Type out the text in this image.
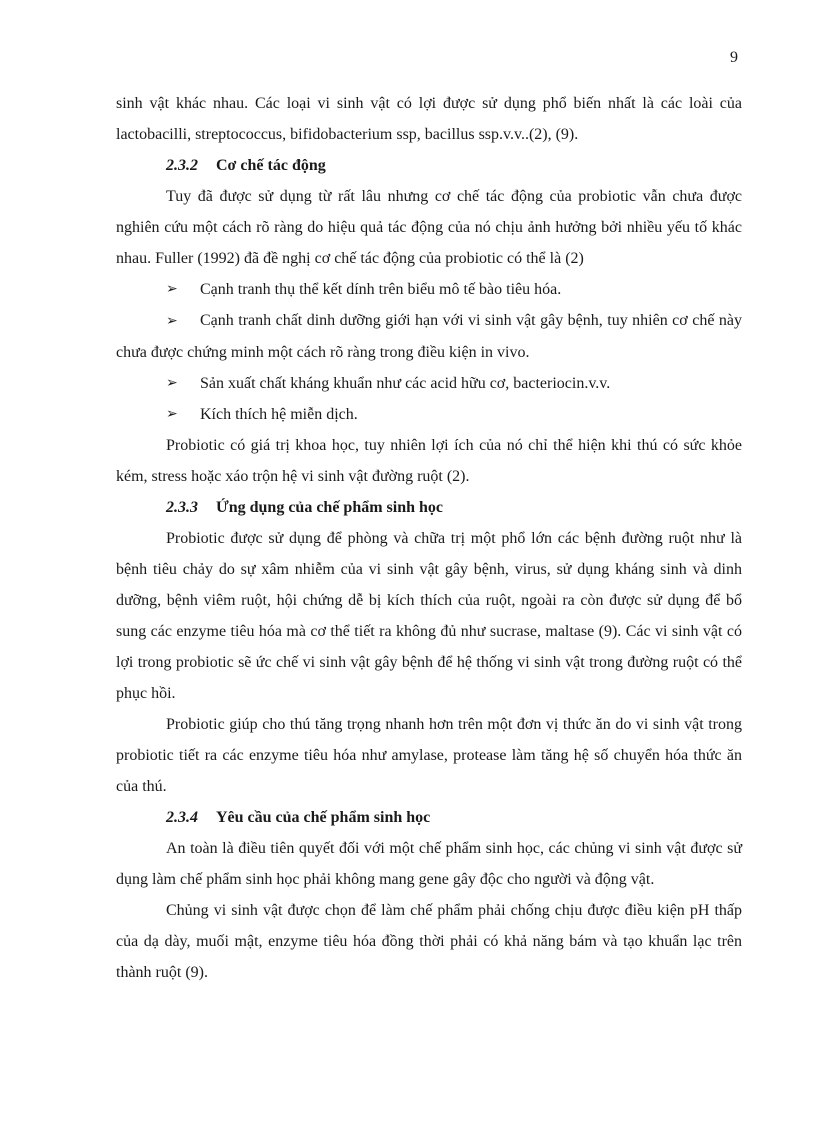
9

sinh vật khác nhau. Các loại vi sinh vật có lợi được sử dụng phổ biến nhất là các loài của lactobacilli, streptococcus, bifidobacterium ssp, bacillus ssp.v.v..(2), (9).

2.3.2 Cơ chế tác động

Tuy đã được sử dụng từ rất lâu nhưng cơ chế tác động của probiotic vẫn chưa được nghiên cứu một cách rõ ràng do hiệu quả tác động của nó chịu ảnh hưởng bởi nhiều yếu tố khác nhau. Fuller (1992) đã đề nghị cơ chế tác động của probiotic có thể là (2)

➢	Cạnh tranh thụ thể kết dính trên biểu mô tế bào tiêu hóa.

➢ Cạnh tranh chất dinh dưỡng giới hạn với vi sinh vật gây bệnh, tuy nhiên cơ chế này chưa được chứng minh một cách rõ ràng trong điều kiện in vivo.

➢	Sản xuất chất kháng khuẩn như các acid hữu cơ, bacteriocin.v.v.
➢	Kích thích hệ miễn dịch.

Probiotic có giá trị khoa học, tuy nhiên lợi ích của nó chỉ thể hiện khi thú có sức khỏe kém, stress hoặc xáo trộn hệ vi sinh vật đường ruột (2).

2.3.3 Ứng dụng của chế phẩm sinh học

Probiotic được sử dụng để phòng và chữa trị một phổ lớn các bệnh đường ruột như là bệnh tiêu chảy do sự xâm nhiễm của vi sinh vật gây bệnh, virus, sử dụng kháng sinh và dinh dưỡng, bệnh viêm ruột, hội chứng dễ bị kích thích của ruột, ngoài ra còn được sử dụng để bổ sung các enzyme tiêu hóa mà cơ thể tiết ra không đủ như sucrase, maltase (9). Các vi sinh vật có lợi trong probiotic sẽ ức chế vi sinh vật gây bệnh để hệ thống vi sinh vật trong đường ruột có thể phục hồi.

Probiotic giúp cho thú tăng trọng nhanh hơn trên một đơn vị thức ăn do vi sinh vật trong probiotic tiết ra các enzyme tiêu hóa như amylase, protease làm tăng hệ số chuyển hóa thức ăn của thú.

2.3.4 Yêu cầu của chế phẩm sinh học

An toàn là điều tiên quyết đối với một chế phẩm sinh học, các chủng vi sinh vật được sử dụng làm chế phẩm sinh học phải không mang gene gây độc cho người và động vật.

Chủng vi sinh vật được chọn để làm chế phẩm phải chống chịu được điều kiện pH thấp của dạ dày, muối mật, enzyme tiêu hóa đồng thời phải có khả năng bám và tạo khuẩn lạc trên thành ruột (9).
